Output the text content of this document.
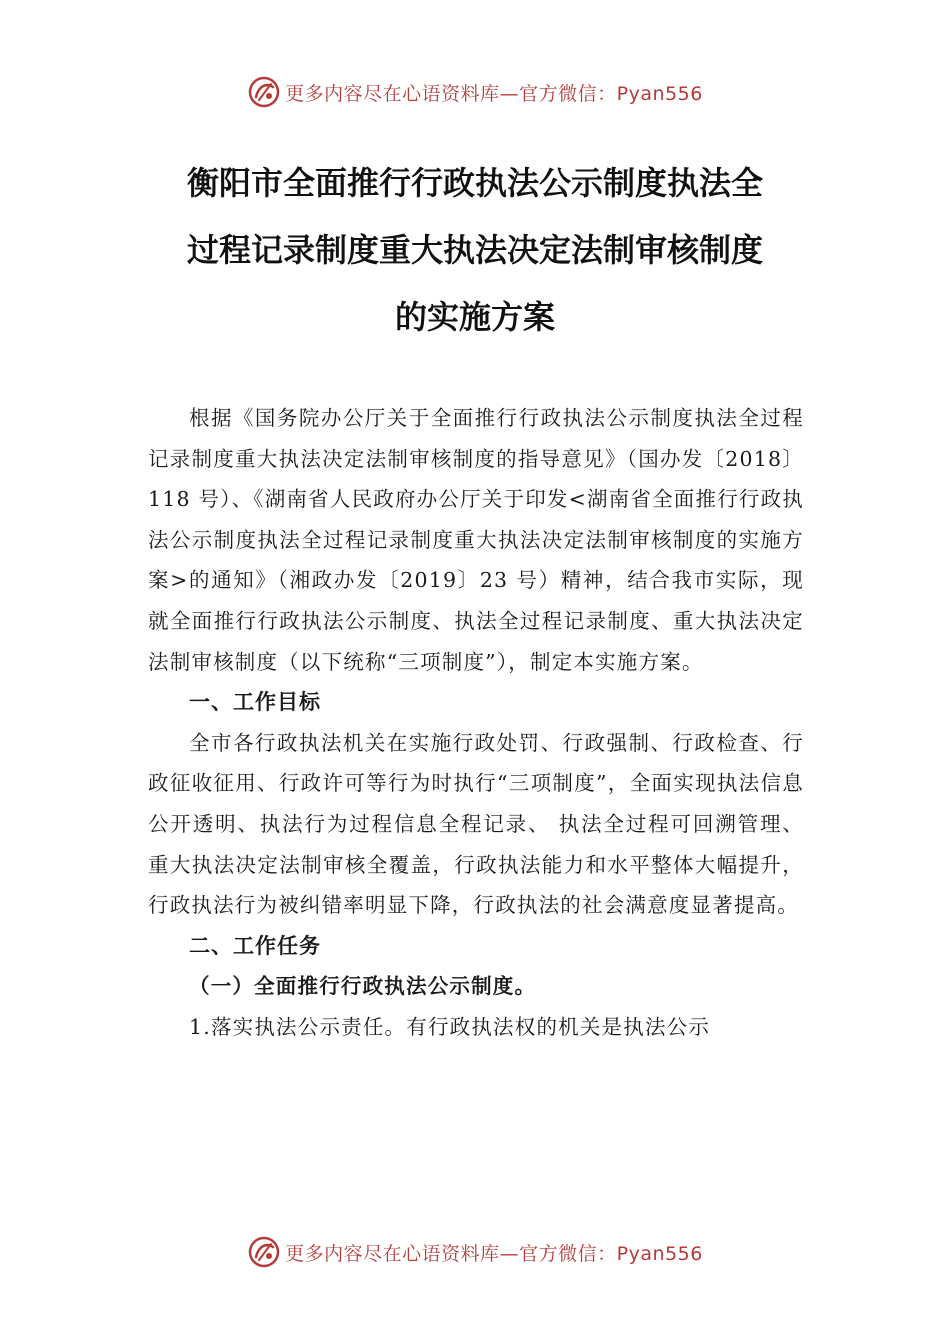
更多内容尽在心语资料库—官方微信：Pyan556
衡阳市全面推行行政执法公示制度执法全
过程记录制度重大执法决定法制审核制度
的实施方案

根据《国务院办公厅关于全面推行行政执法公示制度执法全过程记录制度重大执法决定法制审核制度的指导意见》（国办发〔2018〕118 号）、《湖南省人民政府办公厅关于印发<湖南省全面推行行政执法公示制度执法全过程记录制度重大执法决定法制审核制度的实施方案>的通知》（湘政办发〔2019〕23 号）精神，结合我市实际，现就全面推行行政执法公示制度、执法全过程记录制度、重大执法决定法制审核制度（以下统称“三项制度”），制定本实施方案。

一、工作目标

全市各行政执法机关在实施行政处罚、行政强制、行政检查、行政征收征用、行政许可等行为时执行“三项制度”，全面实现执法信息公开透明、执法行为过程信息全程记录、 执法全过程可回溯管理、重大执法决定法制审核全覆盖，行政执法能力和水平整体大幅提升，行政执法行为被纠错率明显下降，行政执法的社会满意度显著提高。

二、工作任务

（一）全面推行行政执法公示制度。

1.落实执法公示责任。有行政执法权的机关是执法公示

更多内容尽在心语资料库—官方微信：Pyan556
